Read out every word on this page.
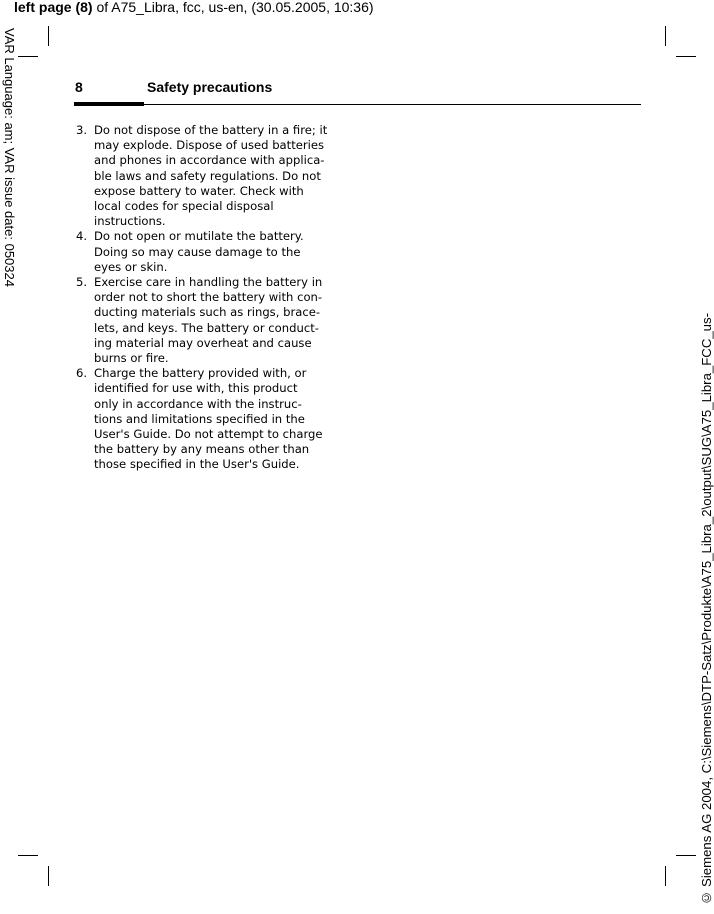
left page (8) of A75_Libra, fcc, us-en, (30.05.2005, 10:36)
VAR Language: am; VAR issue date: 050324
© Siemens AG 2004, C:\Siemens\DTP-Satz\Produkte\A75_Libra_2\output\SUG\A75_Libra_FCC_us-
8	Safety precautions
3. Do not dispose of the battery in a fire; it
may explode. Dispose of used batteries
and phones in accordance with applica-
ble laws and safety regulations. Do not
expose battery to water. Check with
local codes for special disposal
instructions.
4. Do not open or mutilate the battery.
Doing so may cause damage to the
eyes or skin.
5. Exercise care in handling the battery in
order not to short the battery with con-
ducting materials such as rings, brace-
lets, and keys. The battery or conduct-
ing material may overheat and cause
burns or fire.
6. Charge the battery provided with, or
identified for use with, this product
only in accordance with the instruc-
tions and limitations specified in the
User's Guide. Do not attempt to charge
the battery by any means other than
those specified in the User's Guide.
